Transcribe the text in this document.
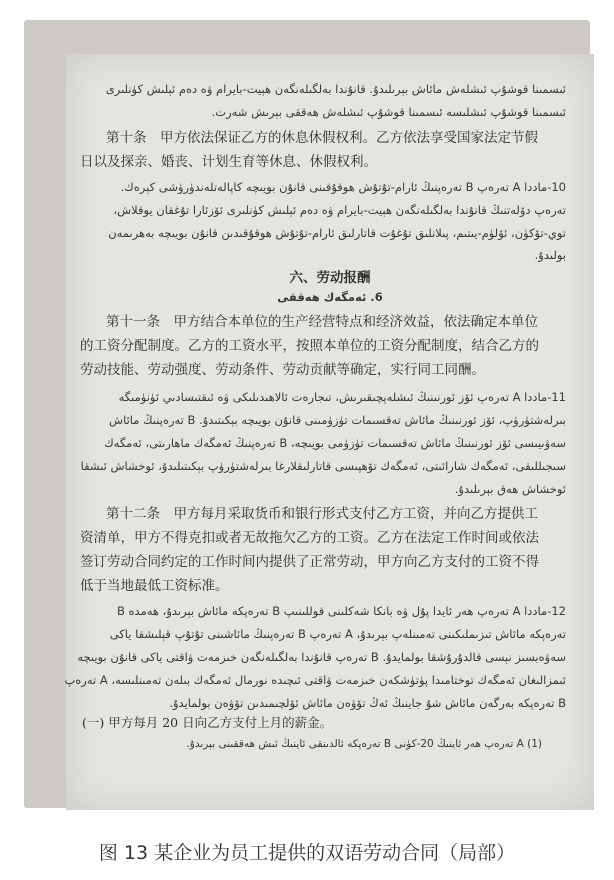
ئىسمىنا قوشۇپ ئىشلەش مائاش بېرىلىدۇ. قانۇندا بەلگىلەنگەن ھېيت-بايرام ۋە دەم ئېلىش كۈنلىرى
ئىسمىنا قوشۇپ ئىشلىسە ئىسمىنا قوشۇپ ئىشلەش ھەققى بېرىش شەرت.
第十条　甲方依法保证乙方的休息休假权利。乙方依法享受国家法定节假
日以及探亲、婚丧、计划生育等休息、休假权利。
10-ماددا A تەرەپ B تەرەپنىڭ ئارام-تۇتۇش ھوقۇقىنى قانۇن بويىچە كاپالەتلەندۈرۈشى كېرەك.
تەرەپ دۆلەتنىڭ قانۇندا بەلگىلەنگەن ھېيت-بايرام ۋە دەم ئېلىش كۈنلىرى ئۆزئارا تۇغقان يوقلاش،
توي-تۆكۈن، ئۆلۈم-يىتىم، پىلانلىق تۇغۇت قاتارلىق ئارام-تۇتۇش ھوقۇقىدىن قانۇن بويىچە بەھرىمەن
بولىدۇ.
六、劳动报酬
6. ئەمگەك ھەققى
第十一条　甲方结合本单位的生产经营特点和经济效益，依法确定本单位
的工资分配制度。乙方的工资水平，按照本单位的工资分配制度，结合乙方的
劳动技能、劳动强度、劳动条件、劳动贡献等确定，实行同工同酬。
11-ماددا A تەرەپ ئۆز ئورنىنىڭ ئىشلەپچىقىرىش، تىجارەت ئالاھىدىلىكى ۋە ئىقتىسادىي ئۈنۈمىگە
بىرلەشتۈرۈپ، ئۆز ئورنىنىڭ مائاش تەقسىمات تۈزۈمىنى قانۇن بويىچە بېكىتىدۇ. B تەرەپنىڭ مائاش
سەۋىيىسى ئۆز ئورنىنىڭ مائاش تەقسىمات تۈزۈمى بويىچە، B تەرەپنىڭ ئەمگەك ماھارىتى، ئەمگەك
سىجىللىقى، ئەمگەك شارائىتى، ئەمگەك تۆھپىسى قاتارلىقلارغا بىرلەشتۈرۈپ بېكىتىلىدۇ، ئوخشاش ئىشقا
ئوخشاش ھەق بېرىلىدۇ.
第十二条　甲方每月采取货币和银行形式支付乙方工资，并向乙方提供工
资清单，甲方不得克扣或者无故拖欠乙方的工资。乙方在法定工作时间或依法
签订劳动合同约定的工作时间内提供了正常劳动，甲方向乙方支付的工资不得
低于当地最低工资标准。
12-ماددا A تەرەپ ھەر ئايدا پۇل ۋە بانكا شەكلىنى قوللىنىپ B تەرەپكە مائاش بېرىدۇ، ھەمدە B
تەرەپكە مائاش تىزىملىكىنى تەمىنلەپ بېرىدۇ، A تەرەپ B تەرەپنىڭ مائاشىنى تۇتۇپ قېلىشقا ياكى
سەۋەبسىز نېسى قالدۇرۇشقا بولمايدۇ. B تەرەپ قانۇندا بەلگىلەنگەن خىزمەت ۋاقتى ياكى قانۇن بويىچە
ئىمزالىغان ئەمگەك توختامىدا پۈتۈشكەن خىزمەت ۋاقتى ئىچىدە نورمال ئەمگەك بىلەن تەمىنلىسە، A تەرەپ
B تەرەپكە بەرگەن مائاش شۇ جاينىڭ ئەڭ تۆۋەن مائاش ئۆلچىمىدىن تۆۋەن بولمايدۇ.
(一) 甲方每月 20 日向乙方支付上月的薪金。
(1) A تەرەپ ھەر ئاينىڭ 20-كۈنى B تەرەپكە ئالدىنقى ئاينىڭ ئىش ھەققىنى بېرىدۇ.
图 13 某企业为员工提供的双语劳动合同（局部）
